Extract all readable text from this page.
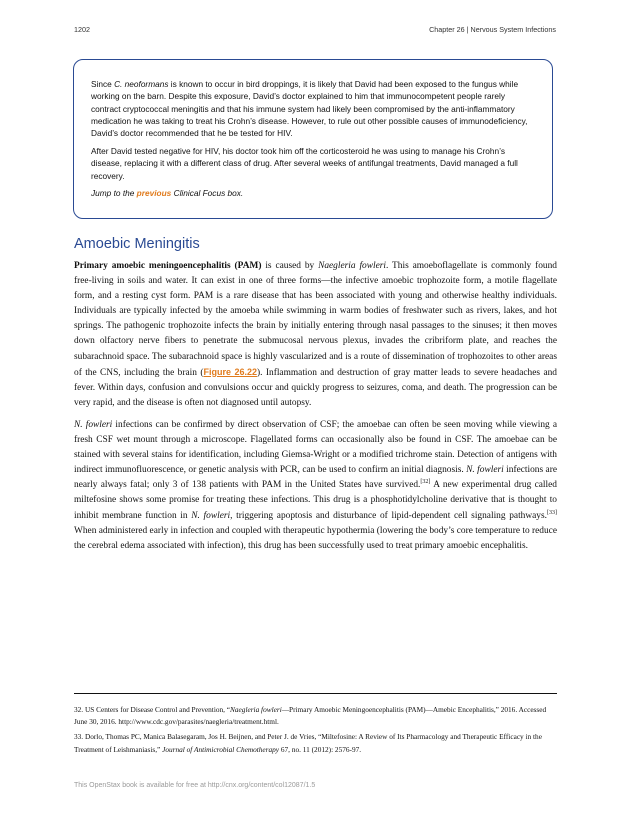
1202	Chapter 26 | Nervous System Infections

Since C. neoformans is known to occur in bird droppings, it is likely that David had been exposed to the fungus while working on the barn. Despite this exposure, David’s doctor explained to him that immunocompetent people rarely contract cryptococcal meningitis and that his immune system had likely been compromised by the anti-inflammatory medication he was taking to treat his Crohn’s disease. However, to rule out other possible causes of immunodeficiency, David’s doctor recommended that he be tested for HIV.

After David tested negative for HIV, his doctor took him off the corticosteroid he was using to manage his Crohn’s disease, replacing it with a different class of drug. After several weeks of antifungal treatments, David managed a full recovery.

Jump to the previous Clinical Focus box.

Amoebic Meningitis

Primary amoebic meningoencephalitis (PAM) is caused by Naegleria fowleri. This amoeboflagellate is commonly found free-living in soils and water. It can exist in one of three forms—the infective amoebic trophozoite form, a motile flagellate form, and a resting cyst form. PAM is a rare disease that has been associated with young and otherwise healthy individuals. Individuals are typically infected by the amoeba while swimming in warm bodies of freshwater such as rivers, lakes, and hot springs. The pathogenic trophozoite infects the brain by initially entering through nasal passages to the sinuses; it then moves down olfactory nerve fibers to penetrate the submucosal nervous plexus, invades the cribriform plate, and reaches the subarachnoid space. The subarachnoid space is highly vascularized and is a route of dissemination of trophozoites to other areas of the CNS, including the brain (Figure 26.22). Inflammation and destruction of gray matter leads to severe headaches and fever. Within days, confusion and convulsions occur and quickly progress to seizures, coma, and death. The progression can be very rapid, and the disease is often not diagnosed until autopsy.

N. fowleri infections can be confirmed by direct observation of CSF; the amoebae can often be seen moving while viewing a fresh CSF wet mount through a microscope. Flagellated forms can occasionally also be found in CSF. The amoebae can be stained with several stains for identification, including Giemsa-Wright or a modified trichrome stain. Detection of antigens with indirect immunofluorescence, or genetic analysis with PCR, can be used to confirm an initial diagnosis. N. fowleri infections are nearly always fatal; only 3 of 138 patients with PAM in the United States have survived.[32] A new experimental drug called miltefosine shows some promise for treating these infections. This drug is a phosphotidylcholine derivative that is thought to inhibit membrane function in N. fowleri, triggering apoptosis and disturbance of lipid-dependent cell signaling pathways.[33] When administered early in infection and coupled with therapeutic hypothermia (lowering the body’s core temperature to reduce the cerebral edema associated with infection), this drug has been successfully used to treat primary amoebic encephalitis.

32. US Centers for Disease Control and Prevention, “Naegleria fowleri—Primary Amoebic Meningoencephalitis (PAM)—Amebic Encephalitis,” 2016. Accessed June 30, 2016. http://www.cdc.gov/parasites/naegleria/treatment.html.

33. Dorlo, Thomas PC, Manica Balasegaram, Jos H. Beijnen, and Peter J. de Vries, “Miltefosine: A Review of Its Pharmacology and Therapeutic Efficacy in the Treatment of Leishmaniasis,” Journal of Antimicrobial Chemotherapy 67, no. 11 (2012): 2576-97.

This OpenStax book is available for free at http://cnx.org/content/col12087/1.5
